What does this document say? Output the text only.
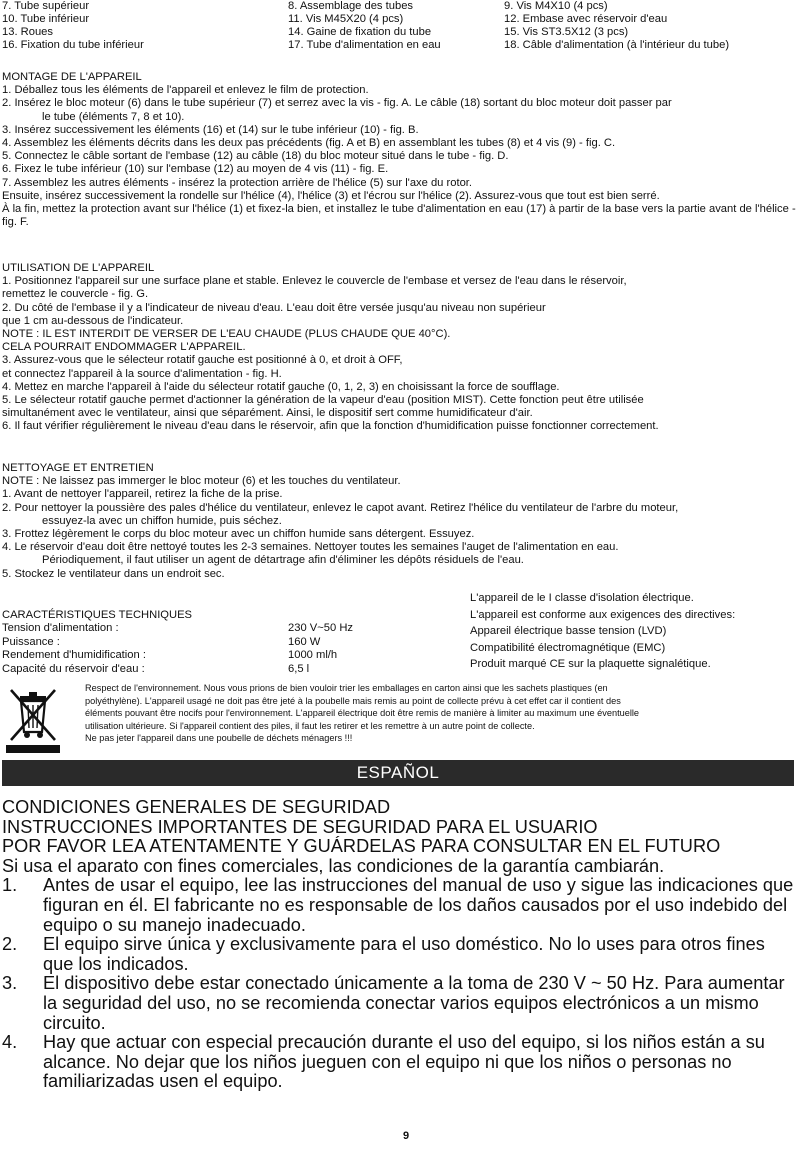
7. Tube supérieur	8. Assemblage des tubes	9. Vis M4X10 (4 pcs)
10. Tube inférieur	11. Vis M45X20 (4 pcs)	12. Embase avec réservoir d'eau
13. Roues	14. Gaine de fixation du tube	15. Vis ST3.5X12 (3 pcs)
16. Fixation du tube inférieur	17. Tube d'alimentation en eau	18. Câble d'alimentation (à l'intérieur du tube)

MONTAGE DE L'APPAREIL

1. Déballez tous les éléments de l'appareil et enlevez le film de protection.

2. Insérez le bloc moteur (6) dans le tube supérieur (7) et serrez avec la vis - fig. A. Le câble (18) sortant du bloc moteur doit passer par

le tube (éléments 7, 8 et 10).

3. Insérez successivement les éléments (16) et (14) sur le tube inférieur (10) - fig. B.

4. Assemblez les éléments décrits dans les deux pas précédents (fig. A et B) en assemblant les tubes (8) et 4 vis (9) - fig. C.

5. Connectez le câble sortant de l'embase (12) au câble (18) du bloc moteur situé dans le tube - fig. D.

6. Fixez le tube inférieur (10) sur l'embase (12) au moyen de 4 vis (11) - fig. E.

7. Assemblez les autres éléments - insérez la protection arrière de l'hélice (5) sur l'axe du rotor.

Ensuite, insérez successivement la rondelle sur l'hélice (4), l'hélice (3) et l'écrou sur l'hélice (2). Assurez-vous que tout est bien serré.

À la fin, mettez la protection avant sur l'hélice (1) et fixez-la bien, et installez le tube d'alimentation en eau (17) à partir de la base vers la partie avant de l'hélice - fig. F.

UTILISATION DE L'APPAREIL

1. Positionnez l'appareil sur une surface plane et stable. Enlevez le couvercle de l'embase et versez de l'eau dans le réservoir,

remettez le couvercle - fig. G.

2. Du côté de l'embase il y a l'indicateur de niveau d'eau. L'eau doit être versée jusqu'au niveau non supérieur

que 1 cm au-dessous de l'indicateur.

NOTE : IL EST INTERDIT DE VERSER DE L'EAU CHAUDE (PLUS CHAUDE QUE 40°C).

CELA POURRAIT ENDOMMAGER L'APPAREIL.

3. Assurez-vous que le sélecteur rotatif gauche est positionné à 0, et droit à OFF,

et connectez l'appareil à la source d'alimentation - fig. H.

4. Mettez en marche l'appareil à l'aide du sélecteur rotatif gauche (0, 1, 2, 3) en choisissant la force de soufflage.

5. Le sélecteur rotatif gauche permet d'actionner la génération de la vapeur d'eau (position MIST). Cette fonction peut être utilisée

simultanément avec le ventilateur, ainsi que séparément. Ainsi, le dispositif sert comme humidificateur d'air.

6. Il faut vérifier régulièrement le niveau d'eau dans le réservoir, afin que la fonction d'humidification puisse fonctionner correctement.

NETTOYAGE ET ENTRETIEN

NOTE : Ne laissez pas immerger le bloc moteur (6) et les touches du ventilateur.

1. Avant de nettoyer l'appareil, retirez la fiche de la prise.

2. Pour nettoyer la poussière des pales d'hélice du ventilateur, enlevez le capot avant. Retirez l'hélice du ventilateur de l'arbre du moteur,

essuyez-la avec un chiffon humide, puis séchez.

3. Frottez légèrement le corps du bloc moteur avec un chiffon humide sans détergent. Essuyez.

4. Le réservoir d'eau doit être nettoyé toutes les 2-3 semaines. Nettoyer toutes les semaines l'auget de l'alimentation en eau.

Périodiquement, il faut utiliser un agent de détartrage afin d'éliminer les dépôts résiduels de l'eau.

5. Stockez le ventilateur dans un endroit sec.

CARACTÉRISTIQUES TECHNIQUES

Tension d'alimentation :	230 V~50 Hz
Puissance :	160 W
Rendement d'humidification :	1000 ml/h
Capacité du réservoir d'eau :	6,5 l

L'appareil de le I classe d'isolation électrique.

L'appareil est conforme aux exigences des directives:

Appareil électrique basse tension (LVD)

Compatibilité électromagnétique (EMC)

Produit marqué CE sur la plaquette signalétique.

Respect de l'environnement. Nous vous prions de bien vouloir trier les emballages en carton ainsi que les sachets plastiques (en

polyéthylène). L'appareil usagé ne doit pas être jeté à la poubelle mais remis au point de collecte prévu à cet effet car il contient des

éléments pouvant être nocifs pour l'environnement. L'appareil électrique doit être remis de manière à limiter au maximum une éventuelle

utilisation ultérieure. Si l'appareil contient des piles, il faut les retirer et les remettre à un autre point de collecte.

Ne pas jeter l'appareil dans une poubelle de déchets ménagers !!!

ESPAÑOL

CONDICIONES GENERALES DE SEGURIDAD

INSTRUCCIONES IMPORTANTES DE SEGURIDAD PARA EL USUARIO

POR FAVOR LEA ATENTAMENTE Y GUÁRDELAS PARA CONSULTAR EN EL FUTURO

Si usa el aparato con fines comerciales, las condiciones de la garantía cambiarán.

1.	Antes de usar el equipo, lee las instrucciones del manual de uso y sigue las indicaciones que figuran en él. El fabricante no es responsable de los daños causados por el uso indebido del equipo o su manejo inadecuado.
2.	El equipo sirve única y exclusivamente para el uso doméstico. No lo uses para otros fines que los indicados.
3.	El dispositivo debe estar conectado únicamente a la toma de 230 V ~ 50 Hz. Para aumentar la seguridad del uso, no se recomienda conectar varios equipos electrónicos a un mismo circuito.
4.	Hay que actuar con especial precaución durante el uso del equipo, si los niños están a su alcance. No dejar que los niños jueguen con el equipo ni que los niños o personas no familiarizadas usen el equipo.
9
